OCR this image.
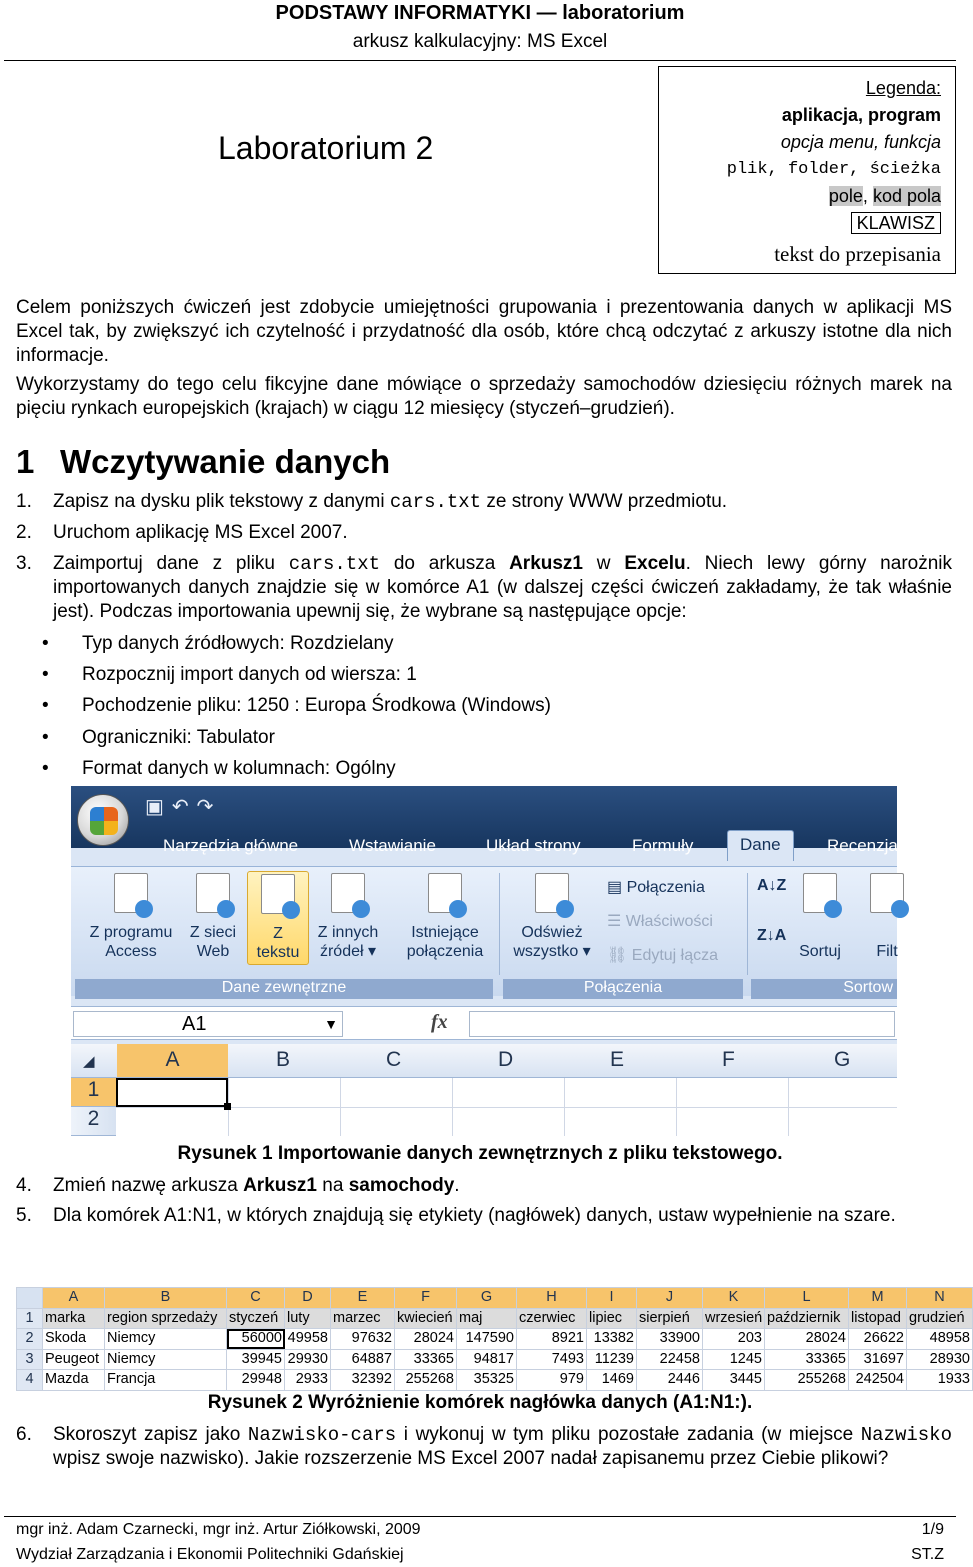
PODSTAWY INFORMATYKI — laboratorium
arkusz kalkulacyjny: MS Excel
Laboratorium 2
Legenda:
aplikacja, program
opcja menu, funkcja
plik, folder, ścieżka
pole, kod pola
KLAWISZ
tekst do przepisania
Celem poniższych ćwiczeń jest zdobycie umiejętności grupowania i prezentowania danych w aplikacji MS Excel tak, by zwiększyć ich czytelność i przydatność dla osób, które chcą odczytać z arkuszy istotne dla nich informacje.
Wykorzystamy do tego celu fikcyjne dane mówiące o sprzedaży samochodów dziesięciu różnych marek na pięciu rynkach europejskich (krajach) w ciągu 12 miesięcy (styczeń–grudzień).
1 Wczytywanie danych
1. Zapisz na dysku plik tekstowy z danymi cars.txt ze strony WWW przedmiotu.
2. Uruchom aplikację MS Excel 2007.
3. Zaimportuj dane z pliku cars.txt do arkusza Arkusz1 w Excelu. Niech lewy górny narożnik importowanych danych znajdzie się w komórce A1 (w dalszej części ćwiczeń zakładamy, że tak właśnie jest). Podczas importowania upewnij się, że wybrane są następujące opcje:
• Typ danych źródłowych: Rozdzielany
• Rozpocznij import danych od wiersza: 1
• Pochodzenie pliku: 1250 : Europa Środkowa (Windows)
• Ograniczniki: Tabulator
• Format danych w kolumnach: Ogólny
▣↶↷
Narzędzia główne	Wstawianie	Układ strony	Formuły	Dane	Recenzja
Z programu
Access
Z sieci
Web
Z
tekstu
Z innych
źródeł ▾
Istniejące
połączenia
Odśwież
wszystko ▾
▤ Połączenia
☰ Właściwości
⛓ Edytuj łącza
A↓Z
Z↓A

Sortuj
	Filt
Dane zewnętrzne	Połączenia	Sortow
A1	▼	fx
◢	A	B	C	D	E	F	G
1
2
Rysunek 1 Importowanie danych zewnętrznych z pliku tekstowego.
4. Zmień nazwę arkusza Arkusz1 na samochody.
5. Dla komórek A1:N1, w których znajdują się etykiety (nagłówek) danych, ustaw wypełnienie na szare.
	A	B	C	D	E	F	G	H	I	J	K	L	M	N
1	marka	region sprzedaży	styczeń	luty	marzec	kwiecień	maj	czerwiec	lipiec	sierpień	wrzesień	październik	listopad	grudzień
2	Skoda	Niemcy	56000	49958	97632	28024	147590	8921	13382	33900	203	28024	26622	48958
3	Peugeot	Niemcy	39945	29930	64887	33365	94817	7493	11239	22458	1245	33365	31697	28930
4	Mazda	Francja	29948	2933	32392	255268	35325	979	1469	2446	3445	255268	242504	1933
Rysunek 2 Wyróżnienie komórek nagłówka danych (A1:N1:).
6. Skoroszyt zapisz jako Nazwisko-cars i wykonuj w tym pliku pozostałe zadania (w miejsce Nazwisko wpisz swoje nazwisko). Jakie rozszerzenie MS Excel 2007 nadał zapisanemu przez Ciebie plikowi?
mgr inż. Adam Czarnecki, mgr inż. Artur Ziółkowski, 2009	1/9
Wydział Zarządzania i Ekonomii Politechniki Gdańskiej	ST.Z
